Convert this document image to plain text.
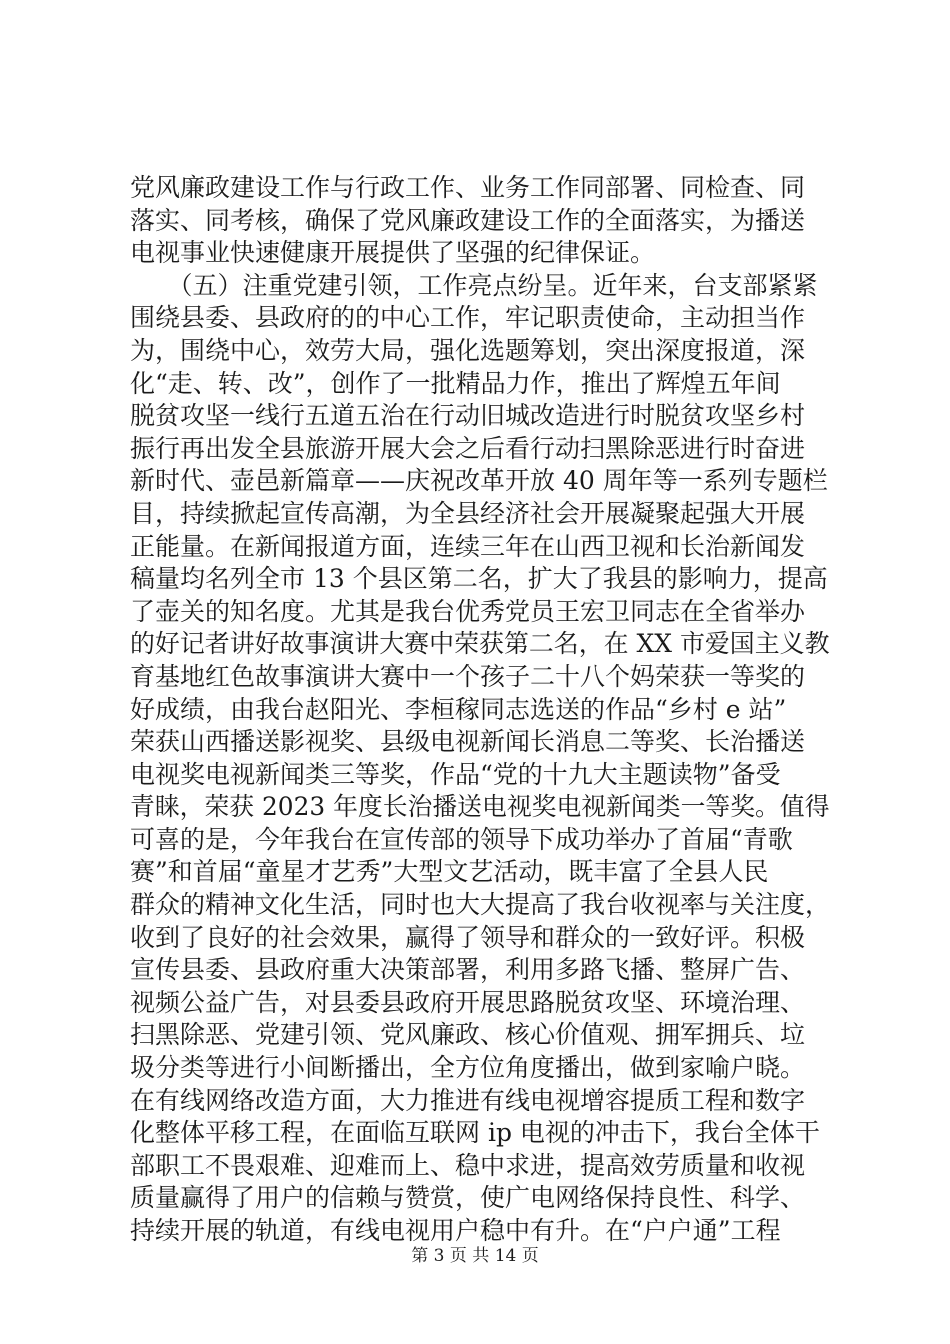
党风廉政建设工作与行政工作、业务工作同部署、同检查、同
落实、同考核，确保了党风廉政建设工作的全面落实，为播送
电视事业快速健康开展提供了坚强的纪律保证。
　　（五）注重党建引领，工作亮点纷呈。近年来，台支部紧紧
围绕县委、县政府的的中心工作，牢记职责使命，主动担当作
为，围绕中心，效劳大局，强化选题筹划，突出深度报道，深
化“走、转、改”，创作了一批精品力作，推出了辉煌五年间
脱贫攻坚一线行五道五治在行动旧城改造进行时脱贫攻坚乡村
振行再出发全县旅游开展大会之后看行动扫黑除恶进行时奋进
新时代、壶邑新篇章——庆祝改革开放 40 周年等一系列专题栏
目，持续掀起宣传高潮，为全县经济社会开展凝聚起强大开展
正能量。在新闻报道方面，连续三年在山西卫视和长治新闻发
稿量均名列全市 13 个县区第二名，扩大了我县的影响力，提高
了壶关的知名度。尤其是我台优秀党员王宏卫同志在全省举办
的好记者讲好故事演讲大赛中荣获第二名，在 XX 市爱国主义教
育基地红色故事演讲大赛中一个孩子二十八个妈荣获一等奖的
好成绩，由我台赵阳光、李桓稼同志选送的作品“乡村 e 站”
荣获山西播送影视奖、县级电视新闻长消息二等奖、长治播送
电视奖电视新闻类三等奖，作品“党的十九大主题读物”备受
青睐，荣获 2023 年度长治播送电视奖电视新闻类一等奖。值得
可喜的是，今年我台在宣传部的领导下成功举办了首届“青歌
赛”和首届“童星才艺秀”大型文艺活动，既丰富了全县人民
群众的精神文化生活，同时也大大提高了我台收视率与关注度，
收到了良好的社会效果，赢得了领导和群众的一致好评。积极
宣传县委、县政府重大决策部署，利用多路飞播、整屏广告、
视频公益广告，对县委县政府开展思路脱贫攻坚、环境治理、
扫黑除恶、党建引领、党风廉政、核心价值观、拥军拥兵、垃
圾分类等进行小间断播出，全方位角度播出，做到家喻户晓。
在有线网络改造方面，大力推进有线电视增容提质工程和数字
化整体平移工程，在面临互联网 ip 电视的冲击下，我台全体干
部职工不畏艰难、迎难而上、稳中求进，提高效劳质量和收视
质量赢得了用户的信赖与赞赏，使广电网络保持良性、科学、
持续开展的轨道，有线电视用户稳中有升。在“户户通”工程
第 3 页 共 14 页
